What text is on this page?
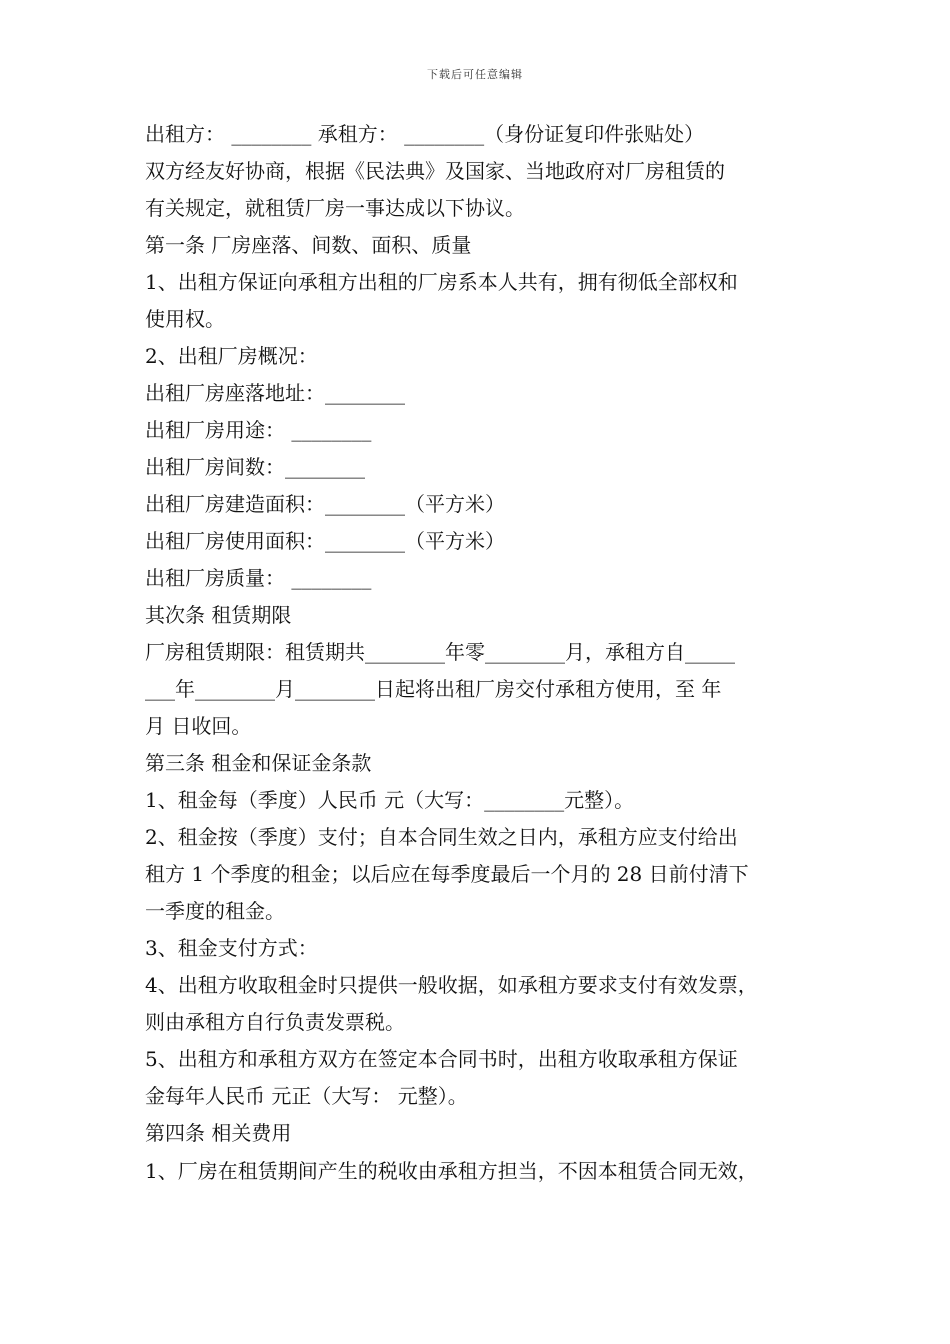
下载后可任意编辑
出租方： ________ 承租方： ________（身份证复印件张贴处）
双方经友好协商，根据《民法典》及国家、当地政府对厂房租赁的
有关规定，就租赁厂房一事达成以下协议。
第一条 厂房座落、间数、面积、质量
1、出租方保证向承租方出租的厂房系本人共有，拥有彻低全部权和
使用权。
2、出租厂房概况：
出租厂房座落地址：________
出租厂房用途： ________
出租厂房间数：________
出租厂房建造面积：________（平方米）
出租厂房使用面积：________（平方米）
出租厂房质量： ________
其次条 租赁期限
厂房租赁期限：租赁期共________年零________月，承租方自_____
___年________月________日起将出租厂房交付承租方使用，至 年
月 日收回。
第三条 租金和保证金条款
1、租金每（季度）人民币 元（大写：________元整）。
2、租金按（季度）支付；自本合同生效之日内，承租方应支付给出
租方 1 个季度的租金；以后应在每季度最后一个月的 28 日前付清下
一季度的租金。
3、租金支付方式：
4、出租方收取租金时只提供一般收据，如承租方要求支付有效发票，
则由承租方自行负责发票税。
5、出租方和承租方双方在签定本合同书时，出租方收取承租方保证
金每年人民币 元正（大写： 元整）。
第四条 相关费用
1、厂房在租赁期间产生的税收由承租方担当，不因本租赁合同无效，
